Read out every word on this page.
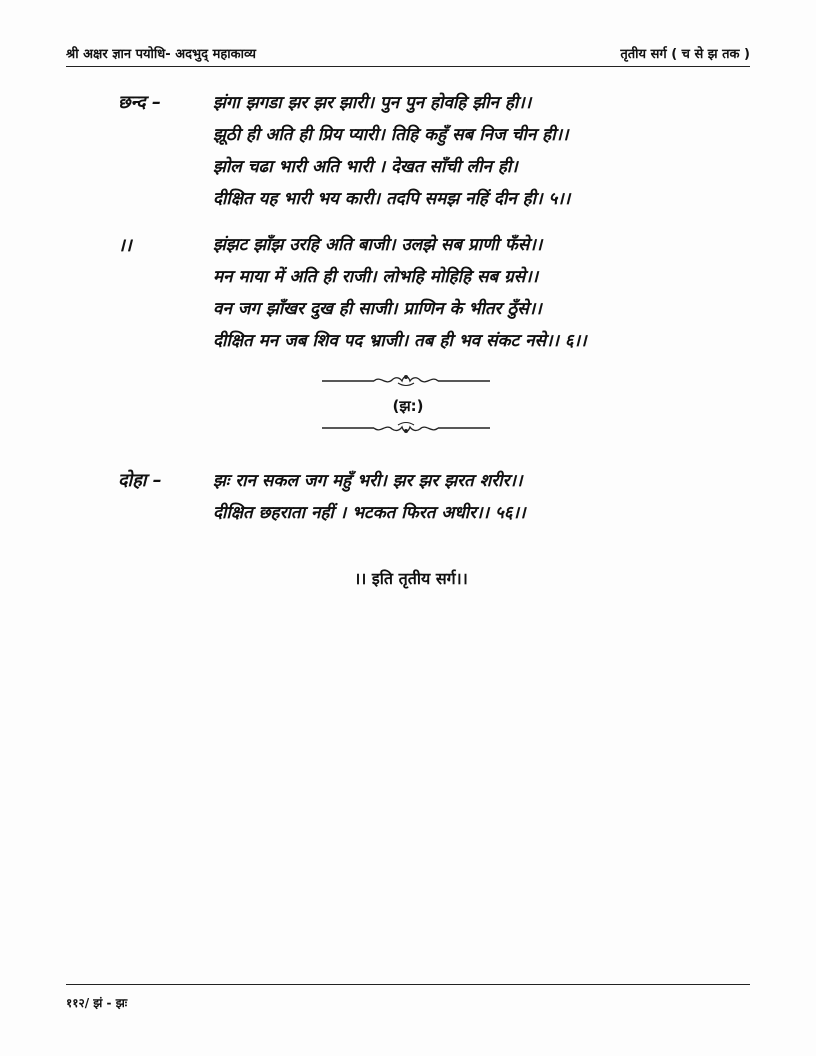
श्री अक्षर ज्ञान पयोधि- अदभुद् महाकाव्य	तृतीय सर्ग ( च से झ तक )
छन्द –	झंगा झगडा झर झर झारी। पुन पुन होवहि झीन ही।।
झूठी ही अति ही प्रिय प्यारी। तिहि कहुँ सब निज चीन ही।।
झोल चढा भारी अति भारी । देखत साँची लीन ही।
दीक्षित यह भारी भय कारी। तदपि समझ नहिं दीन ही। ५।।
।।	झंझट झाँझ उरहि अति बाजी। उलझे सब प्राणी फँसे।।
मन माया में अति ही राजी। लोभहि मोहिहि सब ग्रसे।।
वन जग झाँखर दुख ही साजी। प्राणिन के भीतर ठुँसे।।
दीक्षित मन जब शिव पद भ्राजी। तब ही भव संकट नसे।। ६।।
(झ:)
दोहा –	झः रान सकल जग महुँ भरी। झर झर झरत शरीर।।
दीक्षित छहराता नहीं । भटकत फिरत अधीर।। ५६।।
।। इति तृतीय सर्ग।।
११२/ झं - झः
